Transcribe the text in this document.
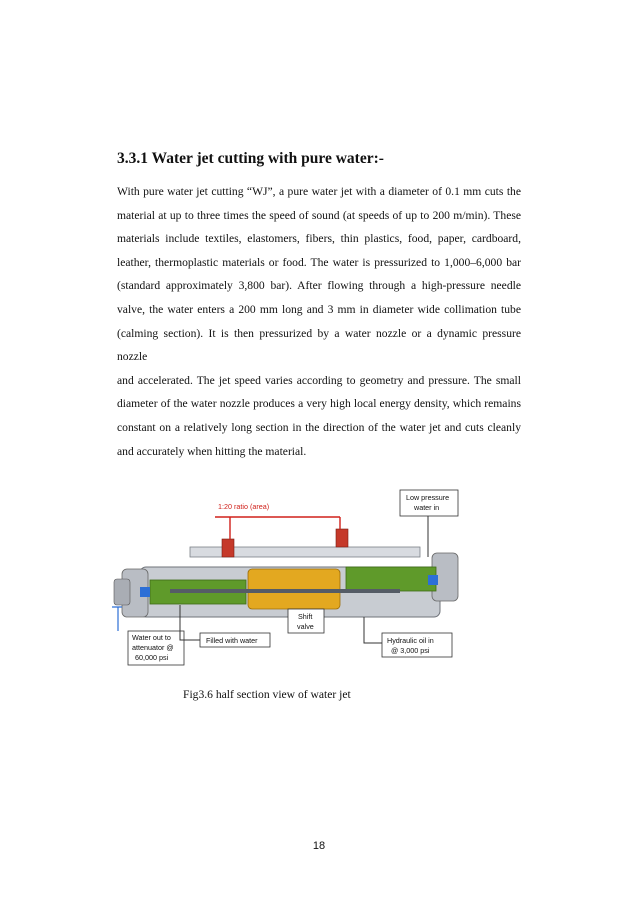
3.3.1 Water jet cutting with pure water:-
With pure water jet cutting “WJ”, a pure water jet with a diameter of 0.1 mm cuts the
material at up to three times the speed of sound (at speeds of up to 200 m/min). These
materials include textiles, elastomers, fibers, thin plastics, food, paper, cardboard,
leather, thermoplastic materials or food. The water is pressurized to 1,000–6,000 bar
(standard approximately 3,800 bar). After flowing through a high-pressure needle
valve, the water enters a 200 mm long and 3 mm in diameter wide collimation tube
(calming section). It is then pressurized by a water nozzle or a dynamic pressure nozzle
and accelerated. The jet speed varies according to geometry and pressure. The small
diameter of the water nozzle produces a very high local energy density, which remains
constant on a relatively long section in the direction of the water jet and cuts cleanly
and accurately when hitting the material.
1:20 ratio (area)
Low pressure
water in
Shift
valve
Water out to
attenuator @
60,000 psi
Filled with water	Hydraulic oil in
@ 3,000 psi
Fig3.6 half section view of water jet
18
